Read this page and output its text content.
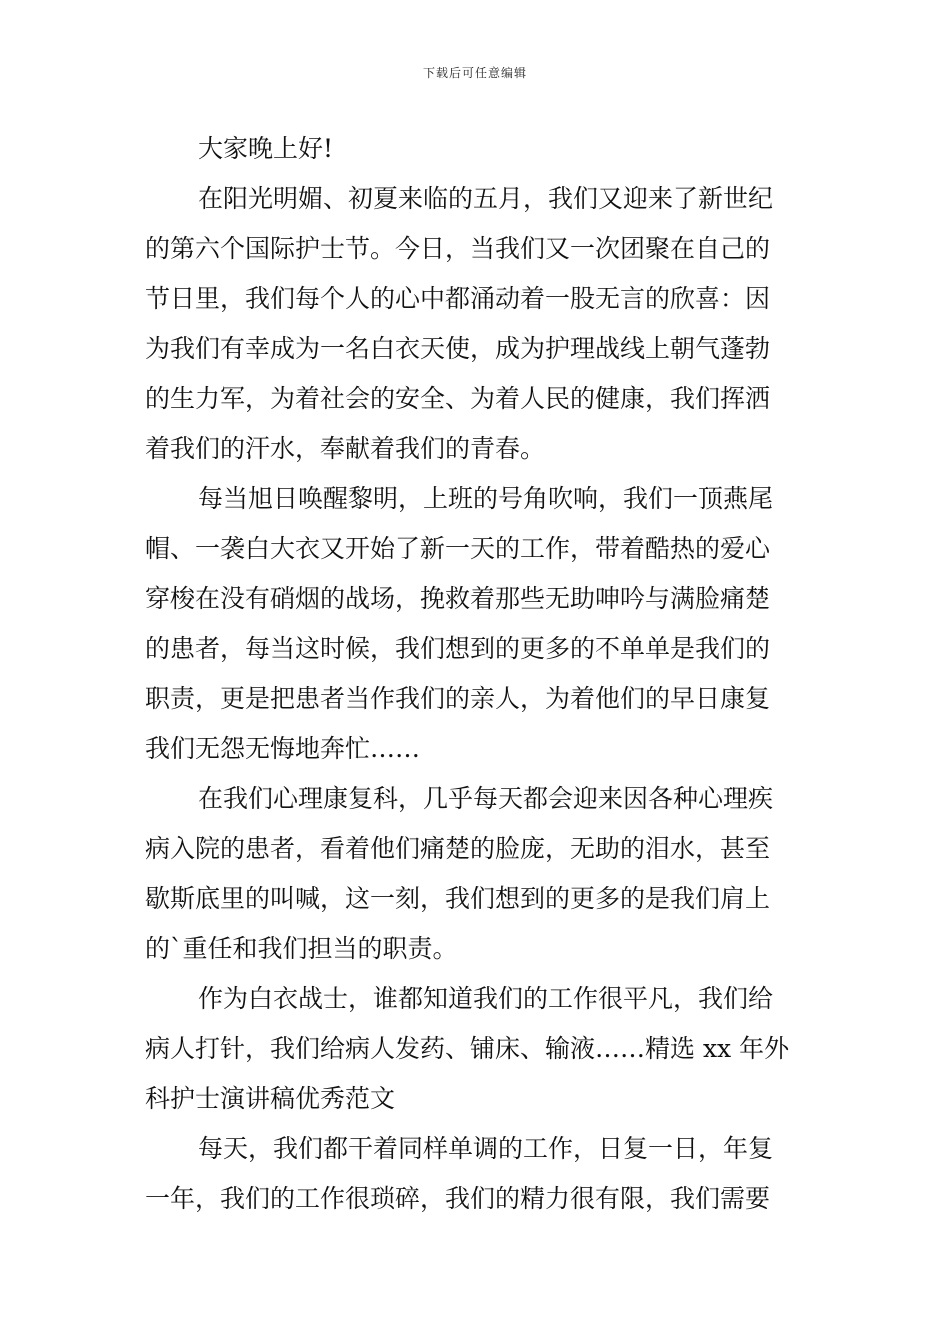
下载后可任意编辑
大家晚上好!
在阳光明媚、初夏来临的五月，我们又迎来了新世纪
的第六个国际护士节。今日，当我们又一次团聚在自己的
节日里，我们每个人的心中都涌动着一股无言的欣喜：因
为我们有幸成为一名白衣天使，成为护理战线上朝气蓬勃
的生力军，为着社会的安全、为着人民的健康，我们挥洒
着我们的汗水，奉献着我们的青春。
每当旭日唤醒黎明，上班的号角吹响，我们一顶燕尾
帽、一袭白大衣又开始了新一天的工作，带着酷热的爱心
穿梭在没有硝烟的战场，挽救着那些无助呻吟与满脸痛楚
的患者，每当这时候，我们想到的更多的不单单是我们的
职责，更是把患者当作我们的亲人，为着他们的早日康复
我们无怨无悔地奔忙……
在我们心理康复科，几乎每天都会迎来因各种心理疾
病入院的患者，看着他们痛楚的脸庞，无助的泪水，甚至
歇斯底里的叫喊，这一刻，我们想到的更多的是我们肩上
的`重任和我们担当的职责。
作为白衣战士，谁都知道我们的工作很平凡，我们给
病人打针，我们给病人发药、铺床、输液……精选 xx 年外
科护士演讲稿优秀范文
每天，我们都干着同样单调的工作，日复一日，年复
一年，我们的工作很琐碎，我们的精力很有限，我们需要
